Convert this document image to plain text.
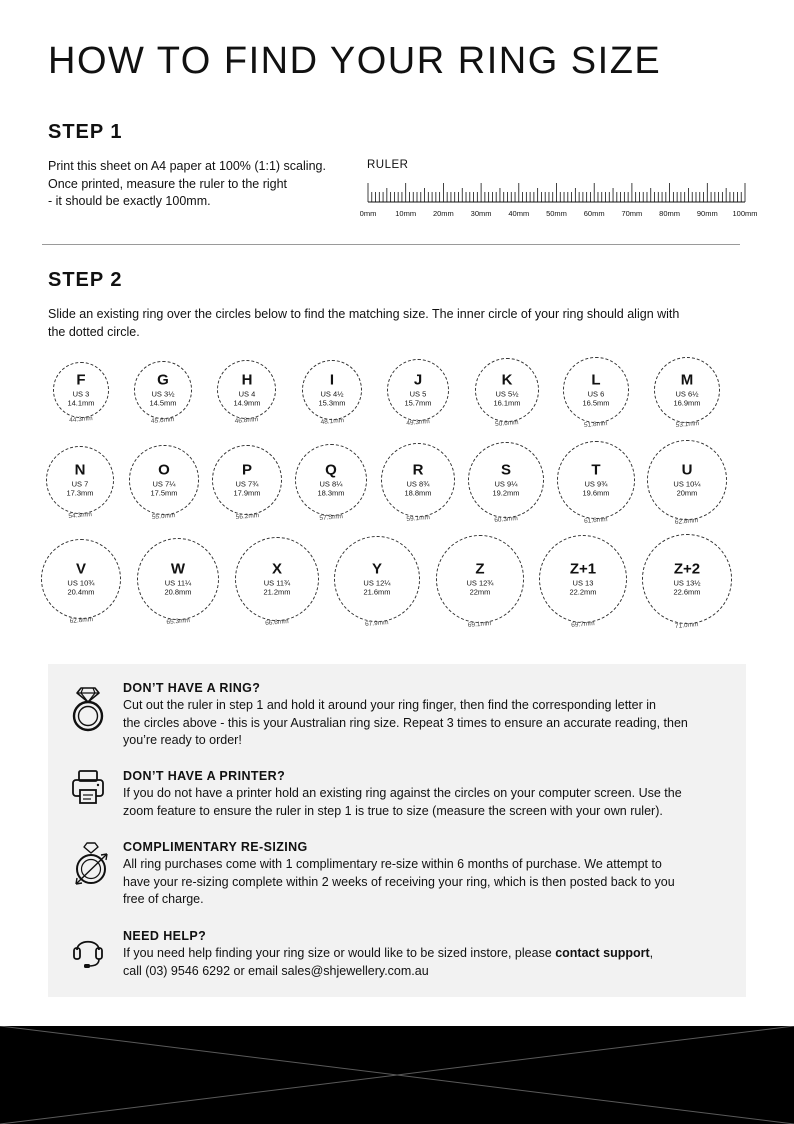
HOW TO FIND YOUR RING SIZE
STEP 1
Print this sheet on A4 paper at 100% (1:1) scaling.
Once printed, measure the ruler to the right
- it should be exactly 100mm.
RULER
0mm	10mm 20mm 30mm 40mm 50mm 60mm 70mm 80mm 90mm 100mm
STEP 2
Slide an existing ring over the circles below to find the matching size. The inner circle of your ring should align with the dotted circle.
F
US 3
14.1mm
44.3mm
G
US 3½
14.5mm
45.6mm
H
US 4
14.9mm
46.8mm
I
US 4½
15.3mm
48.1mm
J
US 5
15.7mm
49.3mm
K
US 5½
16.1mm
50.6mm
L
US 6
16.5mm
51.8mm
M
US 6½
16.9mm
53.1mm
N
US 7
17.3mm
54.3mm
O
US 7¼
17.5mm
55.0mm
P
US 7¾
17.9mm
56.2mm
Q
US 8¼
18.3mm
57.5mm
R
US 8¾
18.8mm
59.1mm
S
US 9¼
19.2mm
60.3mm
T
US 9¾
19.6mm
61.6mm
U
US 10¼
20mm
62.8mm
V
US 10¾
20.4mm
62.8mm
W
US 11¼
20.8mm
65.3mm
X
US 11¾
21.2mm
66.6mm
Y
US 12¼
21.6mm
67.9mm
Z
US 12¾
22mm
69.1mm
Z+1
US 13
22.2mm
69.7mm
Z+2
US 13½
22.6mm
71.0mm
DON’T HAVE A RING?
Cut out the ruler in step 1 and hold it around your ring finger, then find the corresponding letter in
the circles above - this is your Australian ring size. Repeat 3 times to ensure an accurate reading, then
you’re ready to order!
DON’T HAVE A PRINTER?
If you do not have a printer hold an existing ring against the circles on your computer screen. Use the
zoom feature to ensure the ruler in step 1 is true to size (measure the screen with your own ruler).
COMPLIMENTARY RE-SIZING
All ring purchases come with 1 complimentary re-size within 6 months of purchase. We attempt to
have your re-sizing complete within 2 weeks of receiving your ring, which is then posted back to you
free of charge.
NEED HELP?
If you need help finding your ring size or would like to be sized instore, please contact support,
call (03) 9546 6292 or email sales@shjewellery.com.au
